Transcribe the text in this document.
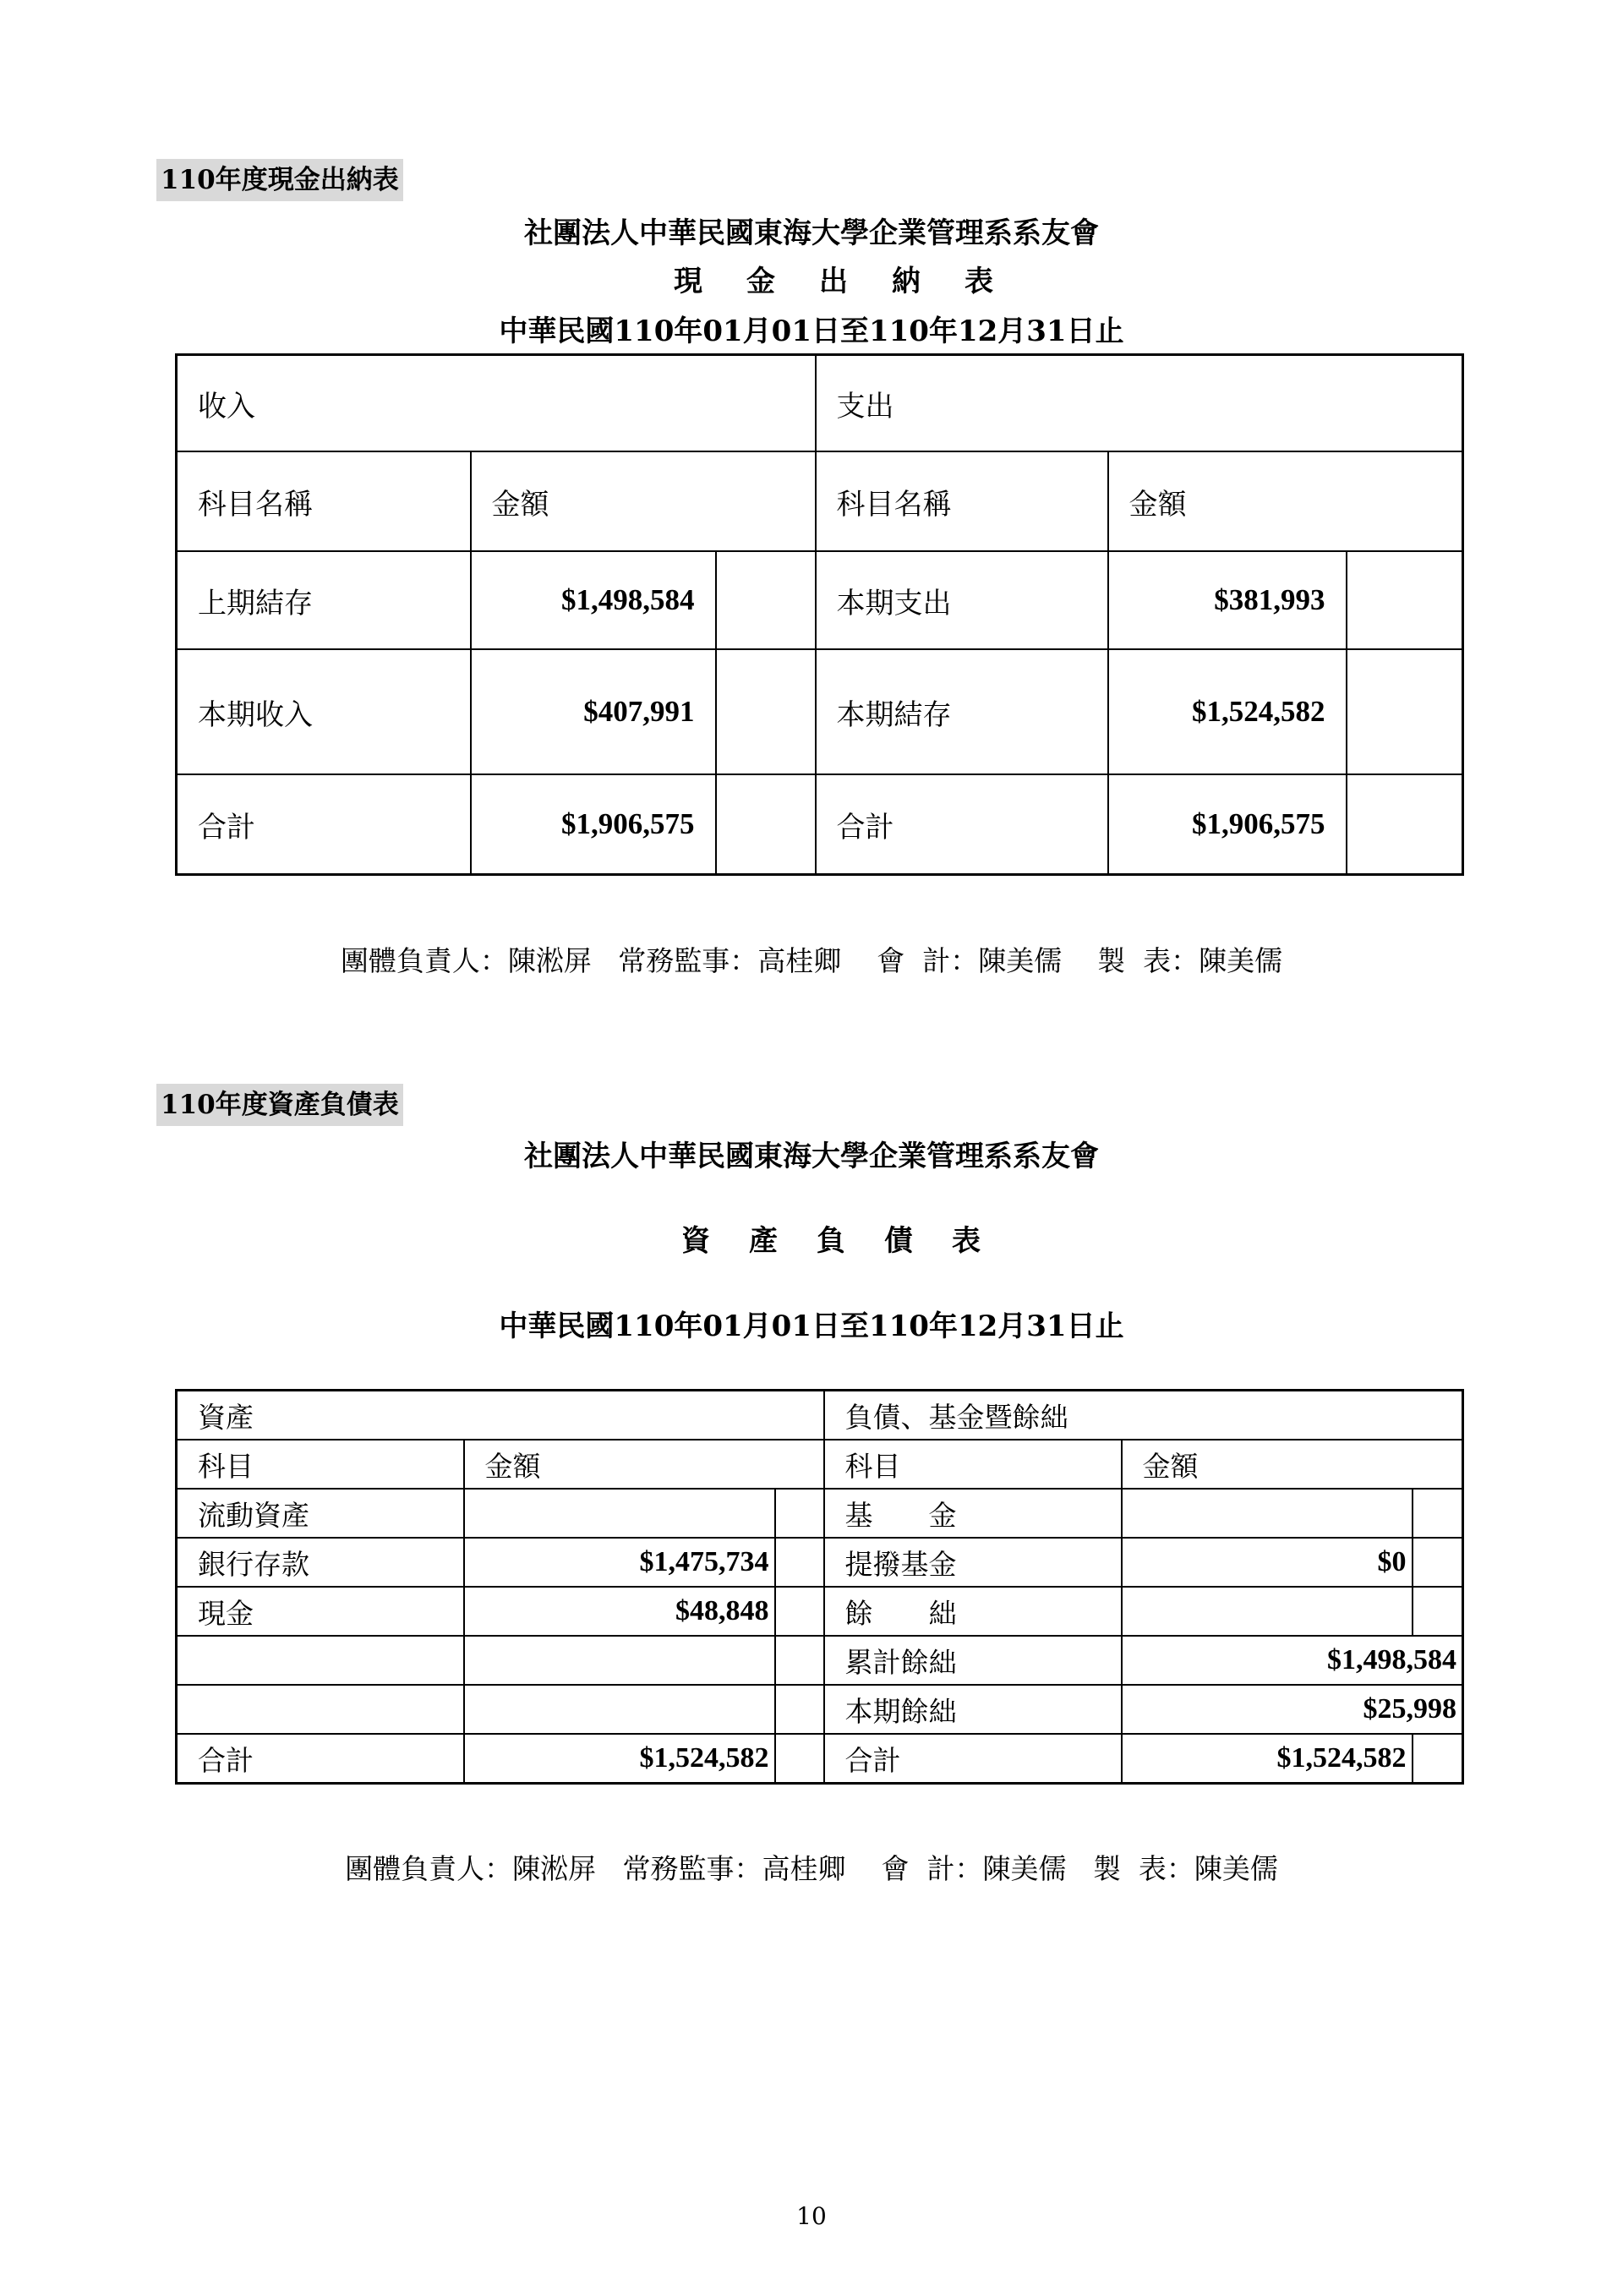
110年度現金出納表
社團法人中華民國東海大學企業管理系系友會
現金出納表
中華民國110年01月01日至110年12月31日止
收入			支出		
科目名稱	金額		科目名稱	金額	
上期結存	$1,498,584		本期支出	$381,993	
本期收入	$407,991		本期結存	$1,524,582	
合計	$1,906,575		合計	$1,906,575	
團體負責人：陳淞屏   常務監事：高桂卿    會  計：陳美儒    製  表：陳美儒
110年度資產負債表
社團法人中華民國東海大學企業管理系系友會
資產負債表
中華民國110年01月01日至110年12月31日止
資產			負債、基金暨餘絀		
科目	金額		科目	金額	
流動資產			基　　金		
銀行存款	$1,475,734		提撥基金	$0	
現金	$48,848		餘　　絀		
			累計餘絀	$1,498,584	
			本期餘絀	$25,998	
合計	$1,524,582		合計	$1,524,582	
團體負責人：陳淞屏   常務監事：高桂卿    會  計：陳美儒   製  表：陳美儒
10
